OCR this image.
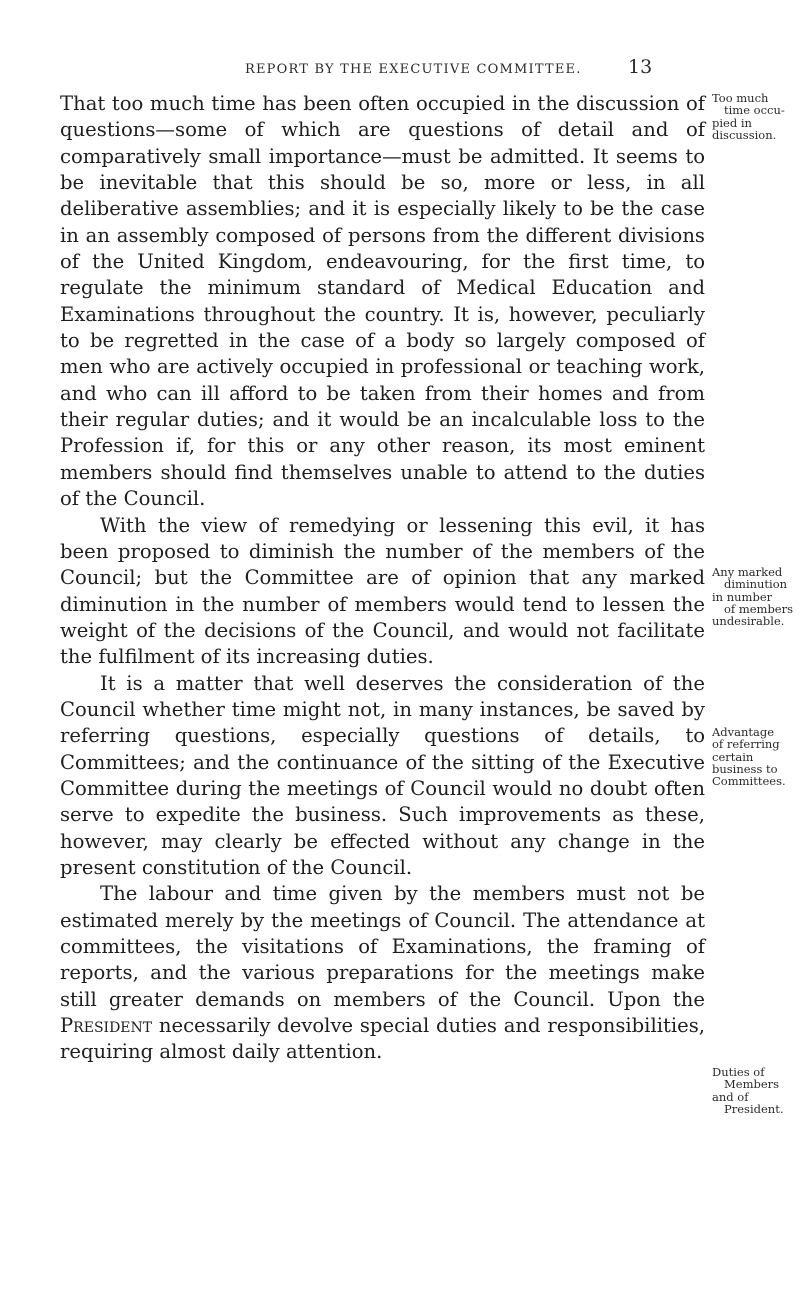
REPORT BY THE EXECUTIVE COMMITTEE. 13

That too much time has been often occupied in the discussion of questions—some of which are questions of detail and of comparatively small importance—must be admitted. It seems to be inevitable that this should be so, more or less, in all deliberative assemblies; and it is especially likely to be the case in an assembly composed of persons from the different divisions of the United Kingdom, endeavouring, for the first time, to regulate the minimum standard of Medical Education and Examinations throughout the country. It is, however, peculiarly to be regretted in the case of a body so largely composed of men who are actively occupied in professional or teaching work, and who can ill afford to be taken from their homes and from their regular duties; and it would be an incalculable loss to the Profession if, for this or any other reason, its most eminent members should find themselves unable to attend to the duties of the Council.

With the view of remedying or lessening this evil, it has been proposed to diminish the number of the members of the Council; but the Committee are of opinion that any marked diminution in the number of members would tend to lessen the weight of the decisions of the Council, and would not facilitate the fulfilment of its increasing duties.

It is a matter that well deserves the consideration of the Council whether time might not, in many instances, be saved by referring questions, especially questions of details, to Committees; and the continuance of the sitting of the Executive Committee during the meetings of Council would no doubt often serve to expedite the business. Such improvements as these, however, may clearly be effected without any change in the present constitution of the Council.

The labour and time given by the members must not be estimated merely by the meetings of Council. The attendance at committees, the visitations of Examinations, the framing of reports, and the various preparations for the meetings make still greater demands on members of the Council. Upon the President necessarily devolve special duties and responsibilities, requiring almost daily attention.

Too much
time occu-
pied in
discussion.
Any marked
diminution
in number
of members
undesirable.
Advantage
of referring
certain
business to
Committees.
Duties of
Members
and of
President.
